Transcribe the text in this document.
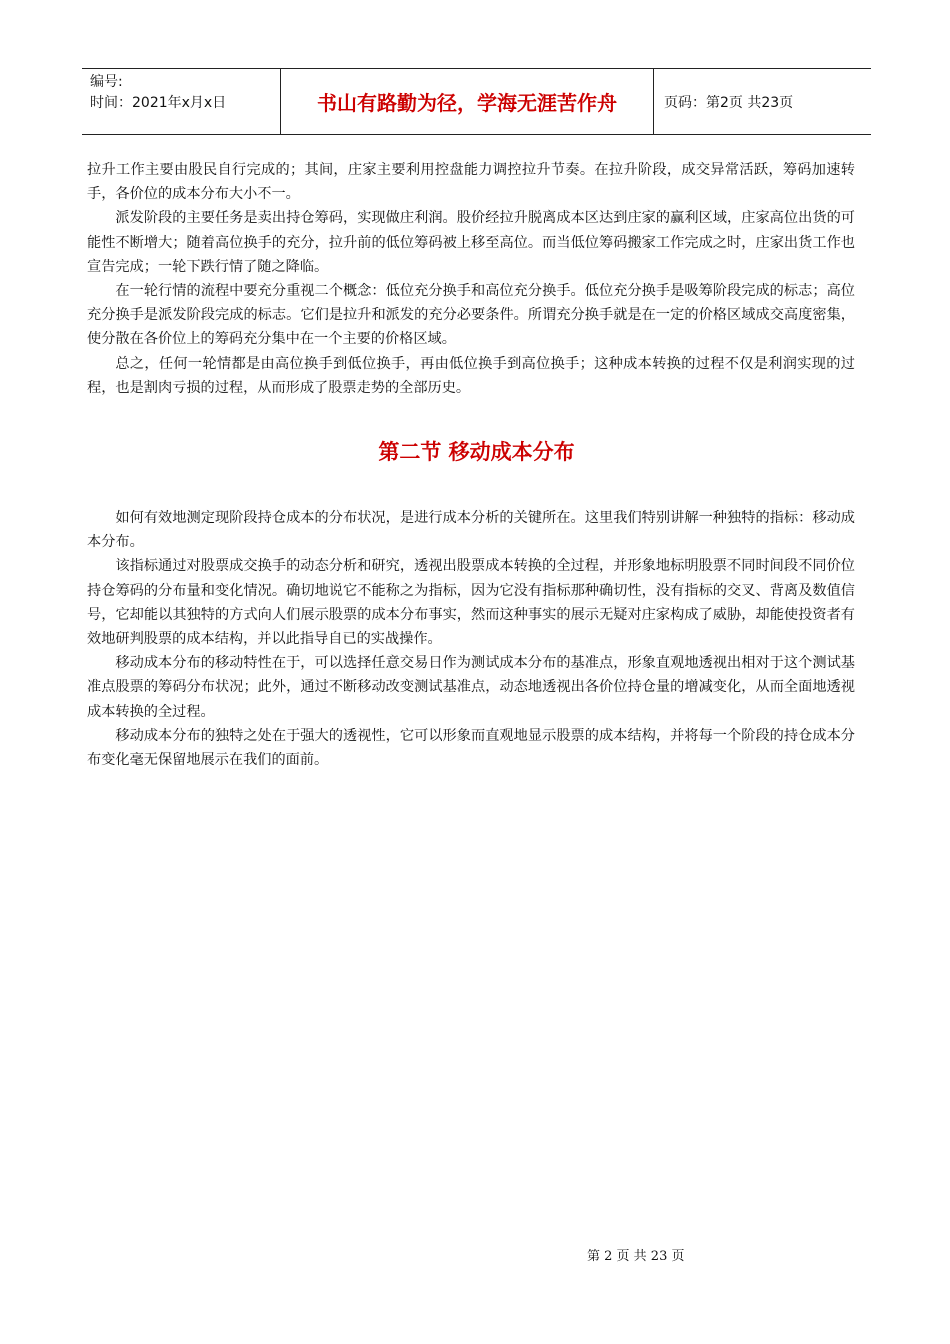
编号:
时间：2021年x月x日	书山有路勤为径，学海无涯苦作舟	页码：第2页 共23页

拉升工作主要由股民自行完成的；其间，庄家主要利用控盘能力调控拉升节奏。在拉升阶段，成交异常活跃，筹码加速转手，各价位的成本分布大小不一。

派发阶段的主要任务是卖出持仓筹码，实现做庄利润。股价经拉升脱离成本区达到庄家的赢利区域，庄家高位出货的可能性不断增大；随着高位换手的充分，拉升前的低位筹码被上移至高位。而当低位筹码搬家工作完成之时，庄家出货工作也宣告完成；一轮下跌行情了随之降临。

在一轮行情的流程中要充分重视二个概念：低位充分换手和高位充分换手。低位充分换手是吸筹阶段完成的标志；高位充分换手是派发阶段完成的标志。它们是拉升和派发的充分必要条件。所谓充分换手就是在一定的价格区域成交高度密集，使分散在各价位上的筹码充分集中在一个主要的价格区域。

总之，任何一轮情都是由高位换手到低位换手，再由低位换手到高位换手；这种成本转换的过程不仅是利润实现的过程，也是割肉亏损的过程，从而形成了股票走势的全部历史。

第二节 移动成本分布

如何有效地测定现阶段持仓成本的分布状况，是进行成本分析的关键所在。这里我们特别讲解一种独特的指标：移动成本分布。

该指标通过对股票成交换手的动态分析和研究，透视出股票成本转换的全过程，并形象地标明股票不同时间段不同价位持仓筹码的分布量和变化情况。确切地说它不能称之为指标，因为它没有指标那种确切性，没有指标的交叉、背离及数值信号，它却能以其独特的方式向人们展示股票的成本分布事实，然而这种事实的展示无疑对庄家构成了威胁，却能使投资者有效地研判股票的成本结构，并以此指导自已的实战操作。

移动成本分布的移动特性在于，可以选择任意交易日作为测试成本分布的基准点，形象直观地透视出相对于这个测试基准点股票的筹码分布状况；此外，通过不断移动改变测试基准点，动态地透视出各价位持仓量的增减变化，从而全面地透视成本转换的全过程。

移动成本分布的独特之处在于强大的透视性，它可以形象而直观地显示股票的成本结构，并将每一个阶段的持仓成本分布变化毫无保留地展示在我们的面前。

第 2 页 共 23 页
